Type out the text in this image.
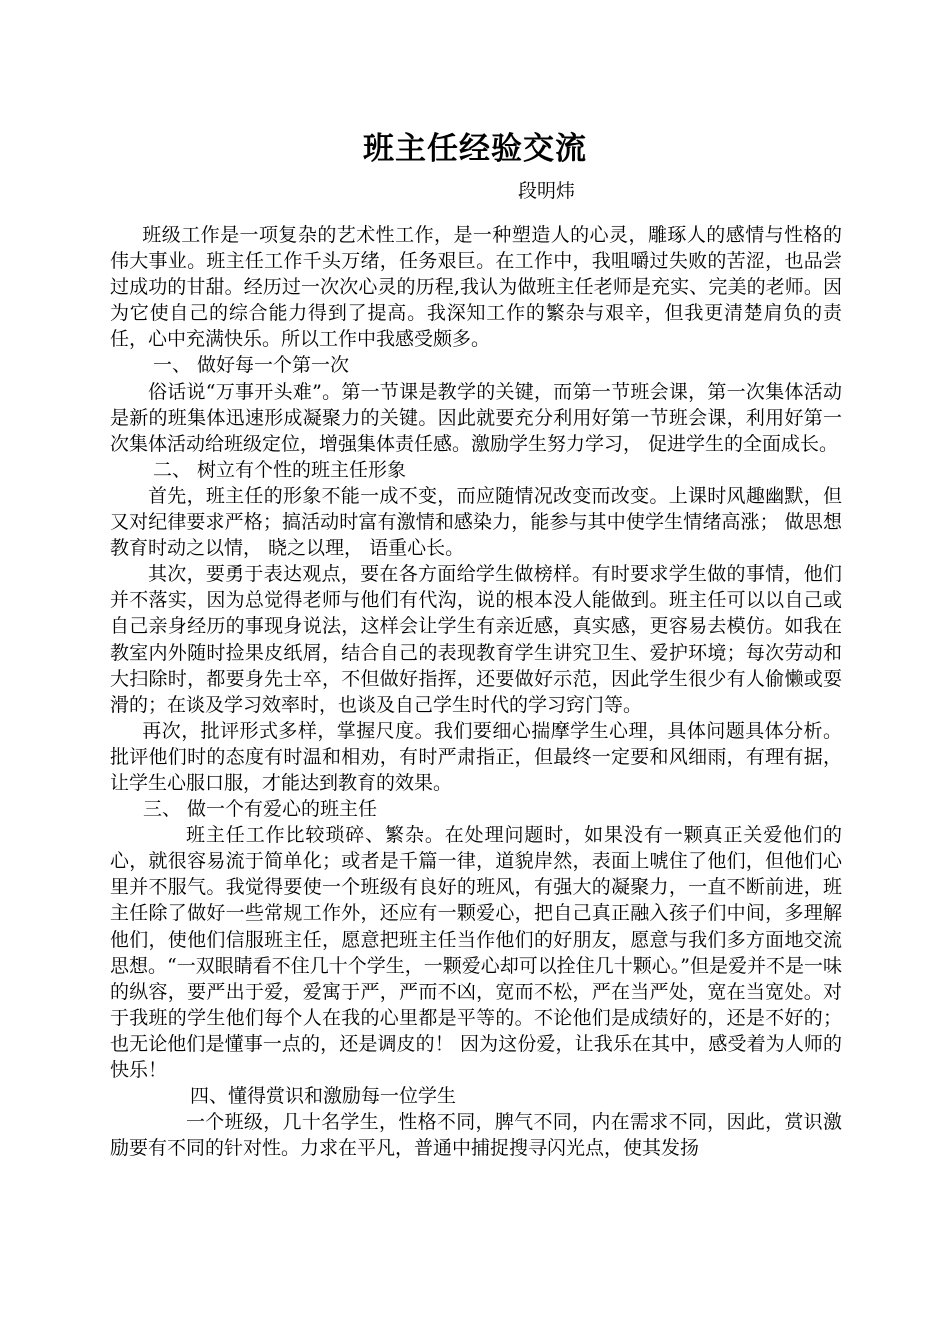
班主任经验交流
段明炜

班级工作是一项复杂的艺术性工作，是一种塑造人的心灵，雕琢人的感情与性格的伟大事业。班主任工作千头万绪，任务艰巨。在工作中，我咀嚼过失败的苦涩，也品尝过成功的甘甜。经历过一次次心灵的历程,我认为做班主任老师是充实、完美的老师。因为它使自己的综合能力得到了提高。我深知工作的繁杂与艰辛，但我更清楚肩负的责任，心中充满快乐。所以工作中我感受颇多。

一、 做好每一个第一次

俗话说“万事开头难”。第一节课是教学的关键，而第一节班会课，第一次集体活动是新的班集体迅速形成凝聚力的关键。因此就要充分利用好第一节班会课，利用好第一次集体活动给班级定位，增强集体责任感。激励学生努力学习， 促进学生的全面成长。

二、 树立有个性的班主任形象

首先，班主任的形象不能一成不变，而应随情况改变而改变。上课时风趣幽默，但又对纪律要求严格；搞活动时富有激情和感染力，能参与其中使学生情绪高涨； 做思想教育时动之以情， 晓之以理， 语重心长。

其次，要勇于表达观点，要在各方面给学生做榜样。有时要求学生做的事情，他们并不落实，因为总觉得老师与他们有代沟，说的根本没人能做到。班主任可以以自己或自己亲身经历的事现身说法，这样会让学生有亲近感，真实感，更容易去模仿。如我在教室内外随时捡果皮纸屑，结合自己的表现教育学生讲究卫生、爱护环境；每次劳动和大扫除时，都要身先士卒，不但做好指挥，还要做好示范，因此学生很少有人偷懒或耍滑的；在谈及学习效率时，也谈及自己学生时代的学习窍门等。

再次，批评形式多样，掌握尺度。我们要细心揣摩学生心理，具体问题具体分析。批评他们时的态度有时温和相劝，有时严肃指正，但最终一定要和风细雨，有理有据，让学生心服口服，才能达到教育的效果。

三、 做一个有爱心的班主任

班主任工作比较琐碎、繁杂。在处理问题时，如果没有一颗真正关爱他们的心，就很容易流于简单化；或者是千篇一律，道貌岸然，表面上唬住了他们，但他们心里并不服气。我觉得要使一个班级有良好的班风，有强大的凝聚力，一直不断前进，班主任除了做好一些常规工作外，还应有一颗爱心，把自己真正融入孩子们中间，多理解他们，使他们信服班主任，愿意把班主任当作他们的好朋友，愿意与我们多方面地交流思想。“一双眼睛看不住几十个学生，一颗爱心却可以拴住几十颗心。”但是爱并不是一味的纵容，要严出于爱，爱寓于严，严而不凶，宽而不松，严在当严处，宽在当宽处。对于我班的学生他们每个人在我的心里都是平等的。不论他们是成绩好的，还是不好的；也无论他们是懂事一点的，还是调皮的！ 因为这份爱，让我乐在其中，感受着为人师的快乐！

四、懂得赏识和激励每一位学生

一个班级，几十名学生，性格不同，脾气不同，内在需求不同，因此，赏识激励要有不同的针对性。力求在平凡，普通中捕捉搜寻闪光点，使其发扬
